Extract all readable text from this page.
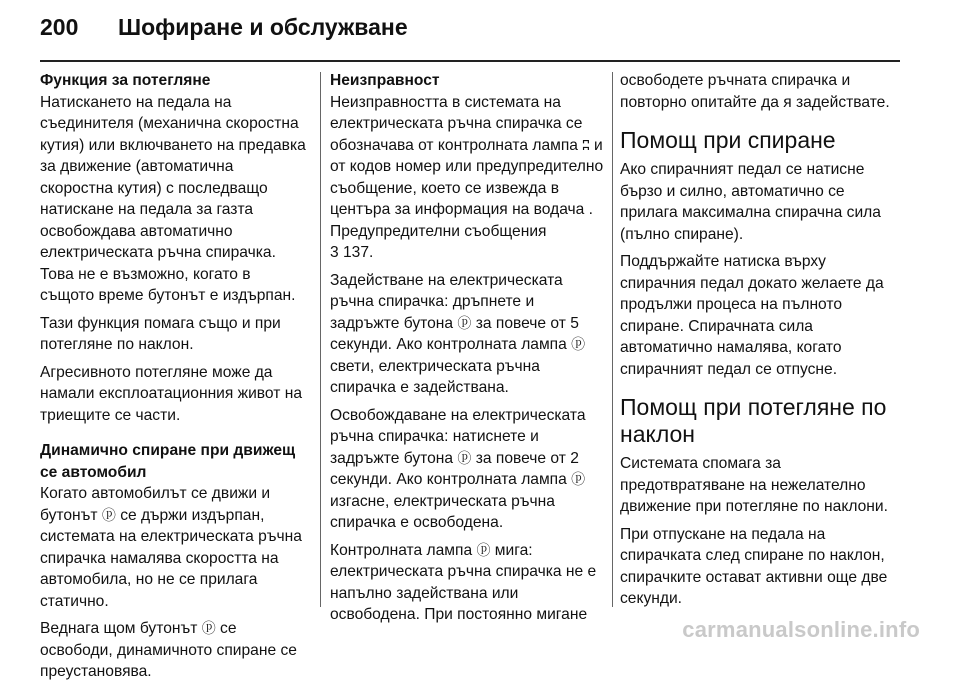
200 Шофиране и обслужване

Функция за потегляне

Натискането на педала на съединителя (механична скоростна кутия) или включването на предавка за движение (автоматична скоростна кутия) с последващо натискане на педала за газта освобождава автоматично електрическата ръчна спирачка. Това не е възможно, когато в същото време бутонът е издърпан.

Тази функция помага също и при потегляне по наклон.

Агресивното потегляне може да намали експлоатационния живот на триещите се части.

Динамично спиране при движещ се автомобил

Когато автомобилът се движи и бутонът ⓟ се държи издърпан, системата на електрическата ръчна спирачка намалява скоростта на автомобила, но не се прилага статично.

Веднага щом бутонът ⓟ се освободи, динамичното спиране се преустановява.

Неизправност

Неизправността в системата на електрическата ръчна спирачка се обозначава от контролната лампа ʭ и от кодов номер или предупредително съобщение, което се извежда в центъра за информация на водача .
Предупредителни съобщения
3 137.

Задействане на електрическата ръчна спирачка: дръпнете и задръжте бутона ⓟ за повече от 5 секунди. Ако контролната лампа ⓟ свети, електрическата ръчна спирачка е задействана.

Освобождаване на електрическата ръчна спирачка: натиснете и задръжте бутона ⓟ за повече от 2 секунди. Ако контролната лампа ⓟ изгасне, електрическата ръчна спирачка е освободена.

Контролната лампа ⓟ мига: електрическата ръчна спирачка не е напълно задействана или освободена. При постоянно мигане

освободете ръчната спирачка и повторно опитайте да я задействате.

Помощ при спиране

Ако спирачният педал се натисне бързо и силно, автоматично се прилага максимална спирачна сила (пълно спиране).

Поддържайте натиска върху спирачния педал докато желаете да продължи процеса на пълното спиране. Спирачната сила автоматично намалява, когато спирачният педал се отпусне.

Помощ при потегляне по наклон

Системата спомага за предотвратяване на нежелателно движение при потегляне по наклони.

При отпускане на педала на спирачката след спиране по наклон, спирачките остават активни още две секунди.

carmanualsonline.info
